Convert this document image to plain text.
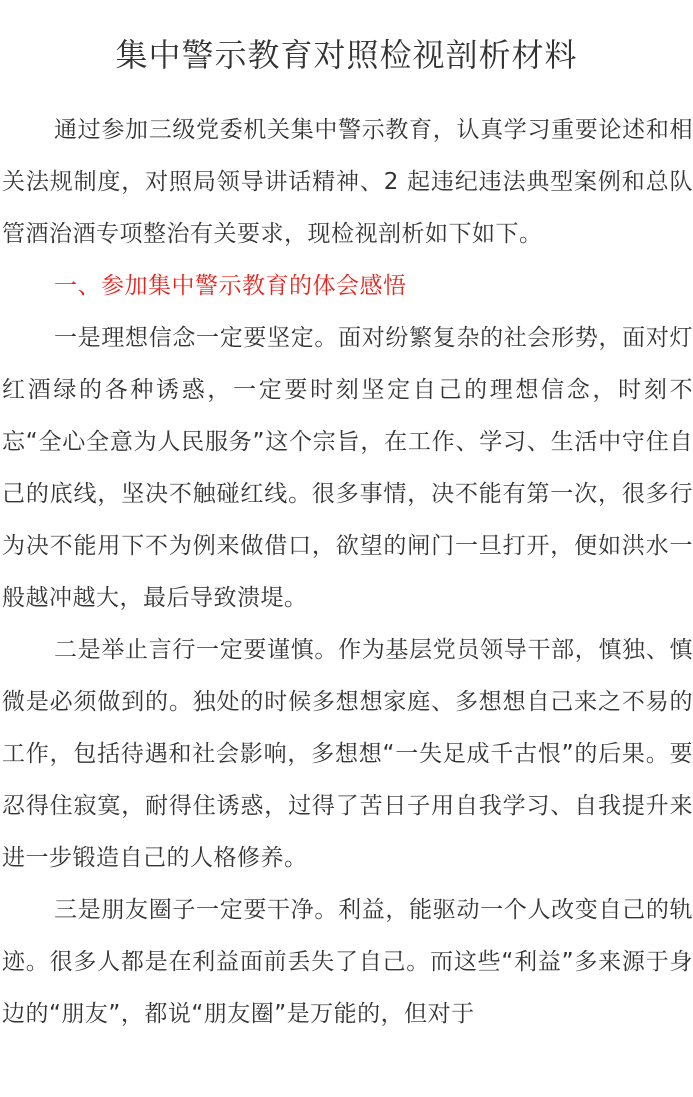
集中警示教育对照检视剖析材料

通过参加三级党委机关集中警示教育，认真学习重要论述和相关法规制度，对照局领导讲话精神、2 起违纪违法典型案例和总队管酒治酒专项整治有关要求，现检视剖析如下如下。

一、参加集中警示教育的体会感悟

一是理想信念一定要坚定。面对纷繁复杂的社会形势，面对灯红酒绿的各种诱惑，一定要时刻坚定自己的理想信念，时刻不忘“全心全意为人民服务”这个宗旨，在工作、学习、生活中守住自己的底线，坚决不触碰红线。很多事情，决不能有第一次，很多行为决不能用下不为例来做借口，欲望的闸门一旦打开，便如洪水一般越冲越大，最后导致溃堤。

二是举止言行一定要谨慎。作为基层党员领导干部，慎独、慎微是必须做到的。独处的时候多想想家庭、多想想自己来之不易的工作，包括待遇和社会影响，多想想“一失足成千古恨”的后果。要忍得住寂寞，耐得住诱惑，过得了苦日子用自我学习、自我提升来进一步锻造自己的人格修养。

三是朋友圈子一定要干净。利益，能驱动一个人改变自己的轨迹。很多人都是在利益面前丢失了自己。而这些“利益”多来源于身边的“朋友”，都说“朋友圈”是万能的，但对于
